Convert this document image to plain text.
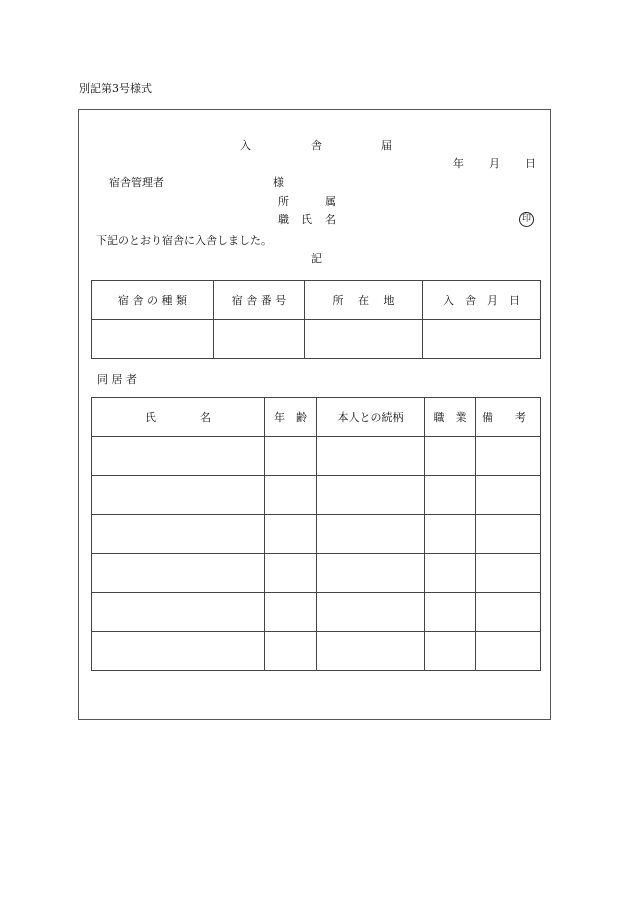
別記第3号様式
入	舎	届
年 月 日
宿舎管理者	様
所	属
職 氏 名	印
下記のとおり宿舎に入舎しました。
記
宿 舎 の 種 類	宿 舎 番 号	所　 在　 地	入　舎　月　日

同 居 者
氏　　　　名	年　齢	本人との続柄	職　業	備　　考
